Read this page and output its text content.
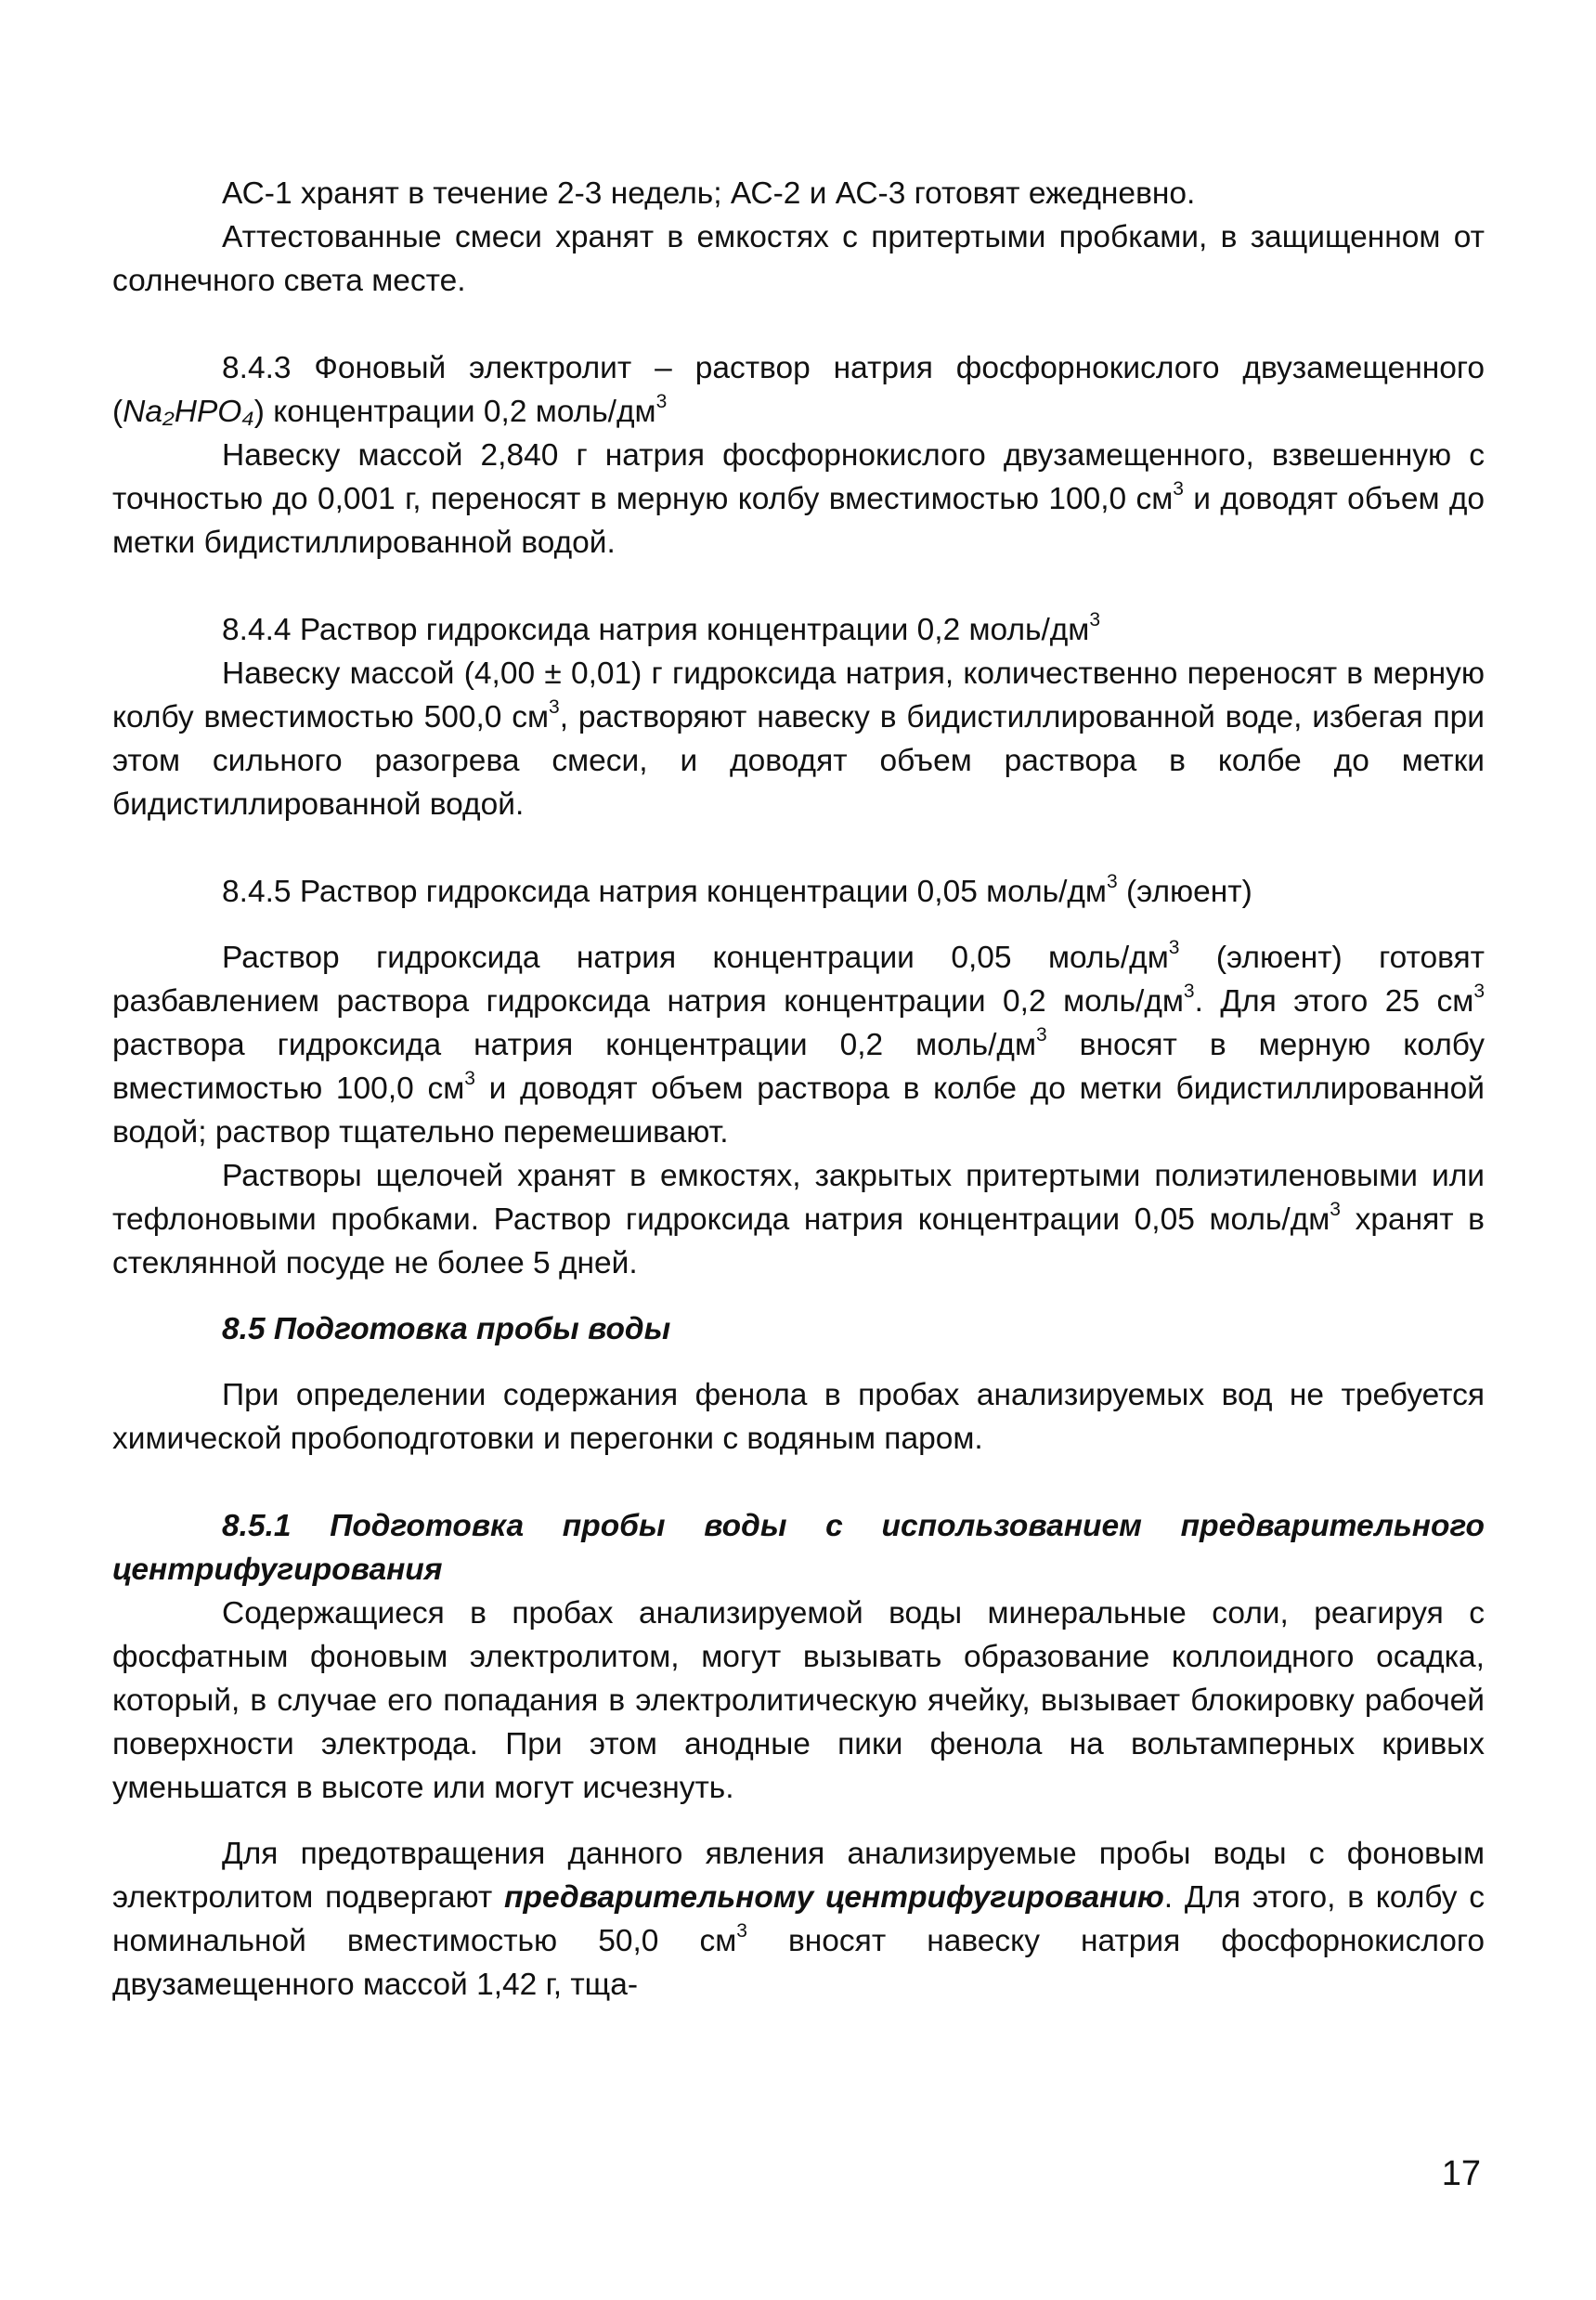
АС-1 хранят в течение 2-3 недель; АС-2 и АС-3 готовят ежедневно.

Аттестованные смеси хранят в емкостях с притертыми пробками, в защищенном от солнечного света месте.

8.4.3 Фоновый электролит – раствор натрия фосфорнокислого двузамещенного (Na₂HPO₄) концентрации 0,2 моль/$дм^3$

Навеску массой 2,840 г натрия фосфорнокислого двузамещенного, взвешенную с точностью до 0,001 г, переносят в мерную колбу вместимостью 100,0 $см^3$ и доводят объем до метки бидистиллированной водой.

8.4.4 Раствор гидроксида натрия концентрации 0,2 моль/$дм^3$

Навеску массой (4,00 ± 0,01) г гидроксида натрия, количественно переносят в мерную колбу вместимостью 500,0 $см^3$, растворяют навеску в бидистиллированной воде, избегая при этом сильного разогрева смеси, и доводят объем раствора в колбе до метки бидистиллированной водой.

8.4.5 Раствор гидроксида натрия концентрации 0,05 моль/$дм^3$ (элюент)

Раствор гидроксида натрия концентрации 0,05 моль/$дм^3$ (элюент) готовят разбавлением раствора гидроксида натрия концентрации 0,2 моль/$дм^3$. Для этого 25 $см^3$ раствора гидроксида натрия концентрации 0,2 моль/$дм^3$ вносят в мерную колбу вместимостью 100,0 $см^3$ и доводят объем раствора в колбе до метки бидистиллированной водой; раствор тщательно перемешивают.

Растворы щелочей хранят в емкостях, закрытых притертыми полиэтиленовыми или тефлоновыми пробками. Раствор гидроксида натрия концентрации 0,05 моль/$дм^3$ хранят в стеклянной посуде не более 5 дней.

8.5 Подготовка пробы воды

При определении содержания фенола в пробах анализируемых вод не требуется химической пробоподготовки и перегонки с водяным паром.

8.5.1 Подготовка пробы воды с использованием предварительного центрифугирования

Содержащиеся в пробах анализируемой воды минеральные соли, реагируя с фосфатным фоновым электролитом, могут вызывать образование коллоидного осадка, который, в случае его попадания в электролитическую ячейку, вызывает блокировку рабочей поверхности электрода. При этом анодные пики фенола на вольтамперных кривых уменьшатся в высоте или могут исчезнуть.

Для предотвращения данного явления анализируемые пробы воды с фоновым электролитом подвергают предварительному центрифугированию. Для этого, в колбу с номинальной вместимостью 50,0 $см^3$ вносят навеску натрия фосфорнокислого двузамещенного массой 1,42 г, тща-

17
